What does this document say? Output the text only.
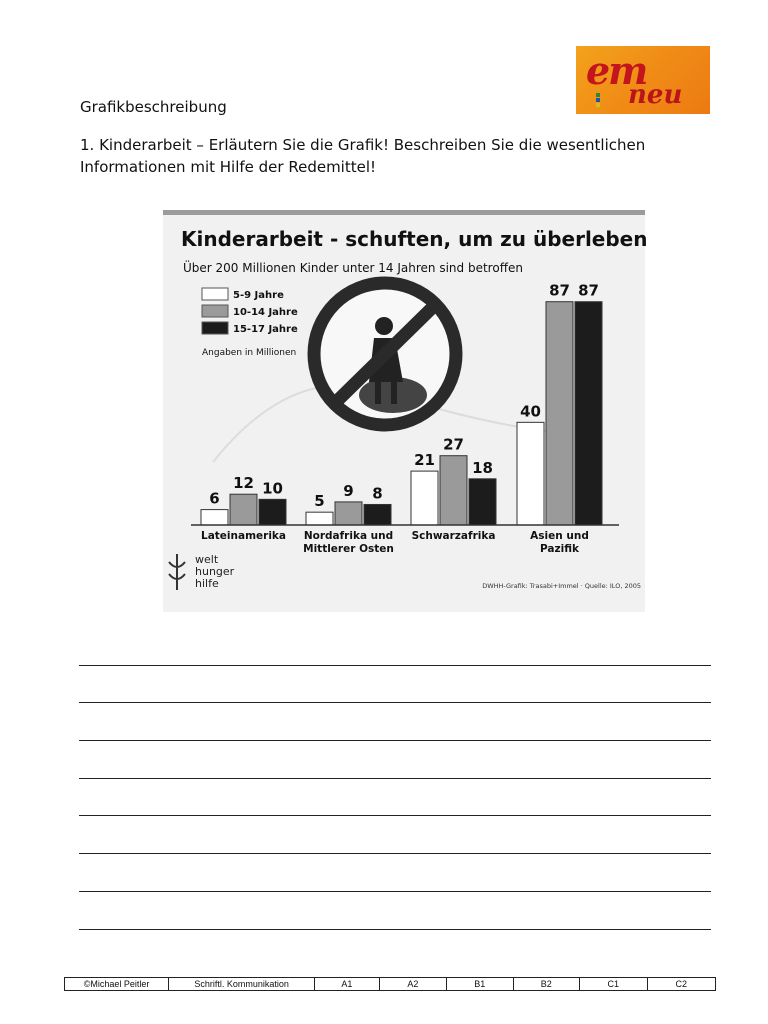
em
neu
Grafikbeschreibung
1. Kinderarbeit – Erläutern Sie die Grafik! Beschreiben Sie die wesentlichen Informationen mit Hilfe der Redemittel!
Kinderarbeit - schuften, um zu überleben
Über 200 Millionen Kinder unter 14 Jahren sind betroffen
5-9 Jahre
10-14 Jahre
15-17 Jahre
Angaben in Millionen
6
12 10
Lateinamerika
5
9 8
Nordafrika und
Mittlerer Osten
21
27
18
Schwarzafrika
40
87 87
Asien und
Pazifik
welt
hunger
hilfe	DWHH-Grafik: Trasabi+Immel · Quelle: ILO, 2005
©Michael Peitler	Schriftl. Kommunikation	A1	A2	B1	B2	C1	C2
